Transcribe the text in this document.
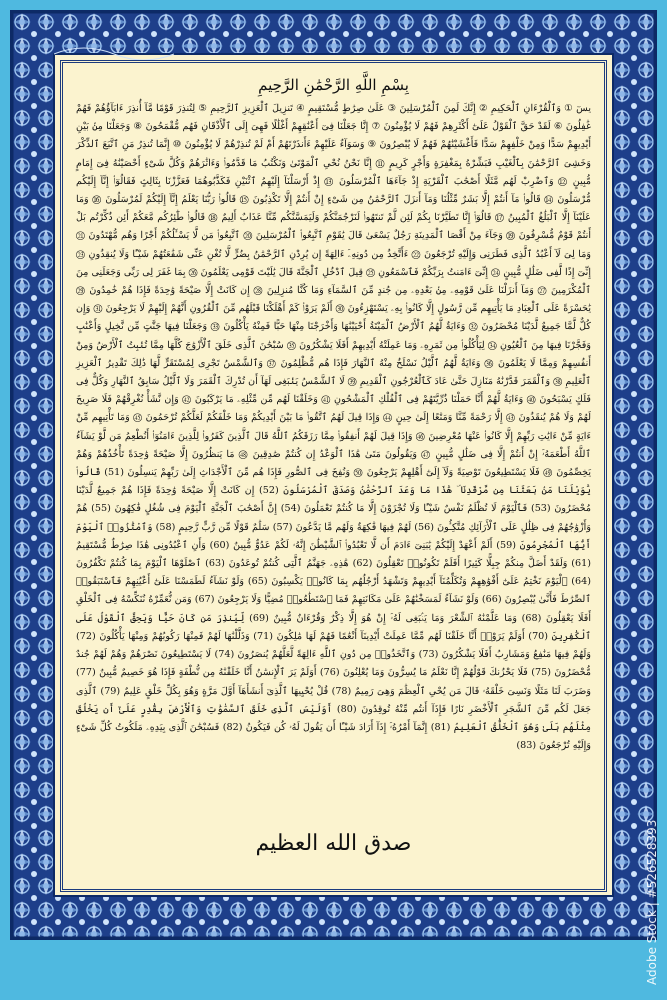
بِسْمِ اللَّهِ الرَّحْمَٰنِ الرَّحِيمِ
يسٓ ① وَٱلْقُرْءَانِ ٱلْحَكِيمِ ② إِنَّكَ لَمِنَ ٱلْمُرْسَلِينَ ③ عَلَىٰ صِرَٰطٍ مُّسْتَقِيمٍ ④ تَنزِيلَ ٱلْعَزِيزِ ٱلرَّحِيمِ ⑤ لِتُنذِرَ قَوْمًا مَّآ أُنذِرَ ءَابَآؤُهُمْ فَهُمْ غَٰفِلُونَ ⑥ لَقَدْ حَقَّ ٱلْقَوْلُ عَلَىٰٓ أَكْثَرِهِمْ فَهُمْ لَا يُؤْمِنُونَ ⑦ إِنَّا جَعَلْنَا فِىٓ أَعْنَٰقِهِمْ أَغْلَٰلًا فَهِىَ إِلَى ٱلْأَذْقَانِ فَهُم مُّقْمَحُونَ ⑧ وَجَعَلْنَا مِنۢ بَيْنِ أَيْدِيهِمْ سَدًّا وَمِنْ خَلْفِهِمْ سَدًّا فَأَغْشَيْنَٰهُمْ فَهُمْ لَا يُبْصِرُونَ ⑨ وَسَوَآءٌ عَلَيْهِمْ ءَأَنذَرْتَهُمْ أَمْ لَمْ تُنذِرْهُمْ لَا يُؤْمِنُونَ ⑩ إِنَّمَا تُنذِرُ مَنِ ٱتَّبَعَ ٱلذِّكْرَ وَخَشِىَ ٱلرَّحْمَٰنَ بِٱلْغَيْبِ فَبَشِّرْهُ بِمَغْفِرَةٍ وَأَجْرٍ كَرِيمٍ ⑪ إِنَّا نَحْنُ نُحْىِ ٱلْمَوْتَىٰ وَنَكْتُبُ مَا قَدَّمُوا۟ وَءَاثَٰرَهُمْ وَكُلَّ شَىْءٍ أَحْصَيْنَٰهُ فِىٓ إِمَامٍ مُّبِينٍ ⑫ وَٱضْرِبْ لَهُم مَّثَلًا أَصْحَٰبَ ٱلْقَرْيَةِ إِذْ جَآءَهَا ٱلْمُرْسَلُونَ ⑬ إِذْ أَرْسَلْنَآ إِلَيْهِمُ ٱثْنَيْنِ فَكَذَّبُوهُمَا فَعَزَّزْنَا بِثَالِثٍ فَقَالُوٓا۟ إِنَّآ إِلَيْكُم مُّرْسَلُونَ ⑭ قَالُوا۟ مَآ أَنتُمْ إِلَّا بَشَرٌ مِّثْلُنَا وَمَآ أَنزَلَ ٱلرَّحْمَٰنُ مِن شَىْءٍ إِنْ أَنتُمْ إِلَّا تَكْذِبُونَ ⑮ قَالُوا۟ رَبُّنَا يَعْلَمُ إِنَّآ إِلَيْكُمْ لَمُرْسَلُونَ ⑯ وَمَا عَلَيْنَآ إِلَّا ٱلْبَلَٰغُ ٱلْمُبِينُ ⑰ قَالُوٓا۟ إِنَّا تَطَيَّرْنَا بِكُمْ لَئِن لَّمْ تَنتَهُوا۟ لَنَرْجُمَنَّكُمْ وَلَيَمَسَّنَّكُم مِّنَّا عَذَابٌ أَلِيمٌ ⑱ قَالُوا۟ طَٰٓئِرُكُم مَّعَكُمْ أَئِن ذُكِّرْتُم بَلْ أَنتُمْ قَوْمٌ مُّسْرِفُونَ ⑲ وَجَآءَ مِنْ أَقْصَا ٱلْمَدِينَةِ رَجُلٌ يَسْعَىٰ قَالَ يَٰقَوْمِ ٱتَّبِعُوا۟ ٱلْمُرْسَلِينَ ⑳ ٱتَّبِعُوا۟ مَن لَّا يَسْـَٔلُكُمْ أَجْرًا وَهُم مُّهْتَدُونَ ㉑ وَمَا لِىَ لَآ أَعْبُدُ ٱلَّذِى فَطَرَنِى وَإِلَيْهِ تُرْجَعُونَ ㉒ ءَأَتَّخِذُ مِن دُونِهِۦٓ ءَالِهَةً إِن يُرِدْنِ ٱلرَّحْمَٰنُ بِضُرٍّ لَّا تُغْنِ عَنِّى شَفَٰعَتُهُمْ شَيْـًٔا وَلَا يُنقِذُونِ ㉓ إِنِّىٓ إِذًا لَّفِى ضَلَٰلٍ مُّبِينٍ ㉔ إِنِّىٓ ءَامَنتُ بِرَبِّكُمْ فَٱسْمَعُونِ ㉕ قِيلَ ٱدْخُلِ ٱلْجَنَّةَ قَالَ يَٰلَيْتَ قَوْمِى يَعْلَمُونَ ㉖ بِمَا غَفَرَ لِى رَبِّى وَجَعَلَنِى مِنَ ٱلْمُكْرَمِينَ ㉗ وَمَآ أَنزَلْنَا عَلَىٰ قَوْمِهِۦ مِنۢ بَعْدِهِۦ مِن جُندٍ مِّنَ ٱلسَّمَآءِ وَمَا كُنَّا مُنزِلِينَ ㉘ إِن كَانَتْ إِلَّا صَيْحَةً وَٰحِدَةً فَإِذَا هُمْ خَٰمِدُونَ ㉙ يَٰحَسْرَةً عَلَى ٱلْعِبَادِ مَا يَأْتِيهِم مِّن رَّسُولٍ إِلَّا كَانُوا۟ بِهِۦ يَسْتَهْزِءُونَ ㉚ أَلَمْ يَرَوْا۟ كَمْ أَهْلَكْنَا قَبْلَهُم مِّنَ ٱلْقُرُونِ أَنَّهُمْ إِلَيْهِمْ لَا يَرْجِعُونَ ㉛ وَإِن كُلٌّ لَّمَّا جَمِيعٌ لَّدَيْنَا مُحْضَرُونَ ㉜ وَءَايَةٌ لَّهُمُ ٱلْأَرْضُ ٱلْمَيْتَةُ أَحْيَيْنَٰهَا وَأَخْرَجْنَا مِنْهَا حَبًّا فَمِنْهُ يَأْكُلُونَ ㉝ وَجَعَلْنَا فِيهَا جَنَّٰتٍ مِّن نَّخِيلٍ وَأَعْنَٰبٍ وَفَجَّرْنَا فِيهَا مِنَ ٱلْعُيُونِ ㉞ لِيَأْكُلُوا۟ مِن ثَمَرِهِۦ وَمَا عَمِلَتْهُ أَيْدِيهِمْ أَفَلَا يَشْكُرُونَ ㉟ سُبْحَٰنَ ٱلَّذِى خَلَقَ ٱلْأَزْوَٰجَ كُلَّهَا مِمَّا تُنۢبِتُ ٱلْأَرْضُ وَمِنْ أَنفُسِهِمْ وَمِمَّا لَا يَعْلَمُونَ ㊱ وَءَايَةٌ لَّهُمُ ٱلَّيْلُ نَسْلَخُ مِنْهُ ٱلنَّهَارَ فَإِذَا هُم مُّظْلِمُونَ ㊲ وَٱلشَّمْسُ تَجْرِى لِمُسْتَقَرٍّ لَّهَا ذَٰلِكَ تَقْدِيرُ ٱلْعَزِيزِ ٱلْعَلِيمِ ㊳ وَٱلْقَمَرَ قَدَّرْنَٰهُ مَنَازِلَ حَتَّىٰ عَادَ كَٱلْعُرْجُونِ ٱلْقَدِيمِ ㊴ لَا ٱلشَّمْسُ يَنۢبَغِى لَهَآ أَن تُدْرِكَ ٱلْقَمَرَ وَلَا ٱلَّيْلُ سَابِقُ ٱلنَّهَارِ وَكُلٌّ فِى فَلَكٍ يَسْبَحُونَ ㊵ وَءَايَةٌ لَّهُمْ أَنَّا حَمَلْنَا ذُرِّيَّتَهُمْ فِى ٱلْفُلْكِ ٱلْمَشْحُونِ ㊶ وَخَلَقْنَا لَهُم مِّن مِّثْلِهِۦ مَا يَرْكَبُونَ ㊷ وَإِن نَّشَأْ نُغْرِقْهُمْ فَلَا صَرِيخَ لَهُمْ وَلَا هُمْ يُنقَذُونَ ㊸ إِلَّا رَحْمَةً مِّنَّا وَمَتَٰعًا إِلَىٰ حِينٍ ㊹ وَإِذَا قِيلَ لَهُمُ ٱتَّقُوا۟ مَا بَيْنَ أَيْدِيكُمْ وَمَا خَلْفَكُمْ لَعَلَّكُمْ تُرْحَمُونَ ㊺ وَمَا تَأْتِيهِم مِّنْ ءَايَةٍ مِّنْ ءَايَٰتِ رَبِّهِمْ إِلَّا كَانُوا۟ عَنْهَا مُعْرِضِينَ ㊻ وَإِذَا قِيلَ لَهُمْ أَنفِقُوا۟ مِمَّا رَزَقَكُمُ ٱللَّهُ قَالَ ٱلَّذِينَ كَفَرُوا۟ لِلَّذِينَ ءَامَنُوٓا۟ أَنُطْعِمُ مَن لَّوْ يَشَآءُ ٱللَّهُ أَطْعَمَهُۥٓ إِنْ أَنتُمْ إِلَّا فِى ضَلَٰلٍ مُّبِينٍ ㊼ وَيَقُولُونَ مَتَىٰ هَٰذَا ٱلْوَعْدُ إِن كُنتُمْ صَٰدِقِينَ ㊽ مَا يَنظُرُونَ إِلَّا صَيْحَةً وَٰحِدَةً تَأْخُذُهُمْ وَهُمْ يَخِصِّمُونَ ㊾ فَلَا يَسْتَطِيعُونَ تَوْصِيَةً وَلَآ إِلَىٰٓ أَهْلِهِمْ يَرْجِعُونَ ㊿ وَنُفِخَ فِى ٱلصُّورِ فَإِذَا هُم مِّنَ ٱلْأَجْدَاثِ إِلَىٰ رَبِّهِمْ يَنسِلُونَ (51) قَالُوا۟ يَٰوَيْلَنَا مَنۢ بَعَثَنَا مِن مَّرْقَدِنَا ۜ هَٰذَا مَا وَعَدَ ٱلرَّحْمَٰنُ وَصَدَقَ ٱلْمُرْسَلُونَ (52) إِن كَانَتْ إِلَّا صَيْحَةً وَٰحِدَةً فَإِذَا هُمْ جَمِيعٌ لَّدَيْنَا مُحْضَرُونَ (53) فَٱلْيَوْمَ لَا تُظْلَمُ نَفْسٌ شَيْـًٔا وَلَا تُجْزَوْنَ إِلَّا مَا كُنتُمْ تَعْمَلُونَ (54) إِنَّ أَصْحَٰبَ ٱلْجَنَّةِ ٱلْيَوْمَ فِى شُغُلٍ فَٰكِهُونَ (55) هُمْ وَأَزْوَٰجُهُمْ فِى ظِلَٰلٍ عَلَى ٱلْأَرَآئِكِ مُتَّكِـُٔونَ (56) لَهُمْ فِيهَا فَٰكِهَةٌ وَلَهُم مَّا يَدَّعُونَ (57) سَلَٰمٌ قَوْلًا مِّن رَّبٍّ رَّحِيمٍ (58) وَٱمْتَٰزُوا۟ ٱلْيَوْمَ أَيُّهَا ٱلْمُجْرِمُونَ (59) أَلَمْ أَعْهَدْ إِلَيْكُمْ يَٰبَنِىٓ ءَادَمَ أَن لَّا تَعْبُدُوا۟ ٱلشَّيْطَٰنَ إِنَّهُۥ لَكُمْ عَدُوٌّ مُّبِينٌ (60) وَأَنِ ٱعْبُدُونِى هَٰذَا صِرَٰطٌ مُّسْتَقِيمٌ (61) وَلَقَدْ أَضَلَّ مِنكُمْ جِبِلًّا كَثِيرًا أَفَلَمْ تَكُونُوا۟ تَعْقِلُونَ (62) هَٰذِهِۦ جَهَنَّمُ ٱلَّتِى كُنتُمْ تُوعَدُونَ (63) ٱصْلَوْهَا ٱلْيَوْمَ بِمَا كُنتُمْ تَكْفُرُونَ (64) ٱلْيَوْمَ نَخْتِمُ عَلَىٰٓ أَفْوَٰهِهِمْ وَتُكَلِّمُنَآ أَيْدِيهِمْ وَتَشْهَدُ أَرْجُلُهُم بِمَا كَانُوا۟ يَكْسِبُونَ (65) وَلَوْ نَشَآءُ لَطَمَسْنَا عَلَىٰٓ أَعْيُنِهِمْ فَٱسْتَبَقُوا۟ ٱلصِّرَٰطَ فَأَنَّىٰ يُبْصِرُونَ (66) وَلَوْ نَشَآءُ لَمَسَخْنَٰهُمْ عَلَىٰ مَكَانَتِهِمْ فَمَا ٱسْتَطَٰعُوا۟ مُضِيًّا وَلَا يَرْجِعُونَ (67) وَمَن نُّعَمِّرْهُ نُنَكِّسْهُ فِى ٱلْخَلْقِ أَفَلَا يَعْقِلُونَ (68) وَمَا عَلَّمْنَٰهُ ٱلشِّعْرَ وَمَا يَنۢبَغِى لَهُۥٓ إِنْ هُوَ إِلَّا ذِكْرٌ وَقُرْءَانٌ مُّبِينٌ (69) لِّيُنذِرَ مَن كَانَ حَيًّا وَيَحِقَّ ٱلْقَوْلُ عَلَى ٱلْكَٰفِرِينَ (70) أَوَلَمْ يَرَوْا۟ أَنَّا خَلَقْنَا لَهُم مِّمَّا عَمِلَتْ أَيْدِينَآ أَنْعَٰمًا فَهُمْ لَهَا مَٰلِكُونَ (71) وَذَلَّلْنَٰهَا لَهُمْ فَمِنْهَا رَكُوبُهُمْ وَمِنْهَا يَأْكُلُونَ (72) وَلَهُمْ فِيهَا مَنَٰفِعُ وَمَشَارِبُ أَفَلَا يَشْكُرُونَ (73) وَٱتَّخَذُوا۟ مِن دُونِ ٱللَّهِ ءَالِهَةً لَّعَلَّهُمْ يُنصَرُونَ (74) لَا يَسْتَطِيعُونَ نَصْرَهُمْ وَهُمْ لَهُمْ جُندٌ مُّحْضَرُونَ (75) فَلَا يَحْزُنكَ قَوْلُهُمْ إِنَّا نَعْلَمُ مَا يُسِرُّونَ وَمَا يُعْلِنُونَ (76) أَوَلَمْ يَرَ ٱلْإِنسَٰنُ أَنَّا خَلَقْنَٰهُ مِن نُّطْفَةٍ فَإِذَا هُوَ خَصِيمٌ مُّبِينٌ (77) وَضَرَبَ لَنَا مَثَلًا وَنَسِىَ خَلْقَهُۥ قَالَ مَن يُحْىِ ٱلْعِظَٰمَ وَهِىَ رَمِيمٌ (78) قُلْ يُحْيِيهَا ٱلَّذِىٓ أَنشَأَهَآ أَوَّلَ مَرَّةٍ وَهُوَ بِكُلِّ خَلْقٍ عَلِيمٌ (79) ٱلَّذِى جَعَلَ لَكُم مِّنَ ٱلشَّجَرِ ٱلْأَخْضَرِ نَارًا فَإِذَآ أَنتُم مِّنْهُ تُوقِدُونَ (80) أَوَلَيْسَ ٱلَّذِى خَلَقَ ٱلسَّمَٰوَٰتِ وَٱلْأَرْضَ بِقَٰدِرٍ عَلَىٰٓ أَن يَخْلُقَ مِثْلَهُم بَلَىٰ وَهُوَ ٱلْخَلَّٰقُ ٱلْعَلِيمُ (81) إِنَّمَآ أَمْرُهُۥٓ إِذَآ أَرَادَ شَيْـًٔا أَن يَقُولَ لَهُۥ كُن فَيَكُونُ (82) فَسُبْحَٰنَ ٱلَّذِى بِيَدِهِۦ مَلَكُوتُ كُلِّ شَىْءٍ وَإِلَيْهِ تُرْجَعُونَ (83)
صدق الله العظيم	Adobe Stock | #526528393
